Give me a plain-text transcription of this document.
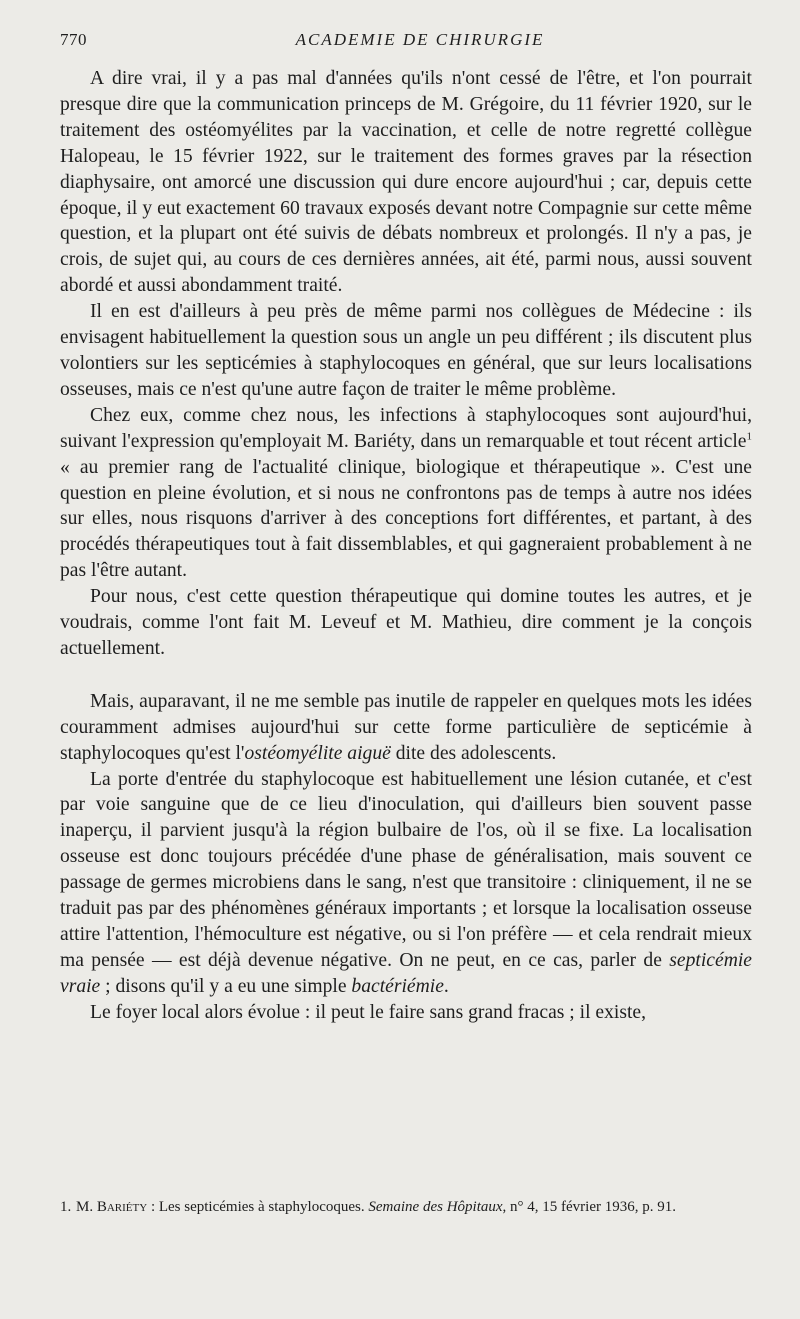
770	ACADEMIE DE CHIRURGIE

A dire vrai, il y a pas mal d'années qu'ils n'ont cessé de l'être, et l'on pourrait presque dire que la communication princeps de M. Grégoire, du 11 février 1920, sur le traitement des ostéomyélites par la vaccination, et celle de notre regretté collègue Halopeau, le 15 février 1922, sur le traitement des formes graves par la résection diaphysaire, ont amorcé une discussion qui dure encore aujourd'hui ; car, depuis cette époque, il y eut exactement 60 travaux exposés devant notre Compagnie sur cette même question, et la plupart ont été suivis de débats nombreux et prolongés. Il n'y a pas, je crois, de sujet qui, au cours de ces dernières années, ait été, parmi nous, aussi souvent abordé et aussi abondamment traité.

Il en est d'ailleurs à peu près de même parmi nos collègues de Médecine : ils envisagent habituellement la question sous un angle un peu différent ; ils discutent plus volontiers sur les septicémies à staphylocoques en général, que sur leurs localisations osseuses, mais ce n'est qu'une autre façon de traiter le même problème.

Chez eux, comme chez nous, les infections à staphylocoques sont aujourd'hui, suivant l'expression qu'employait M. Bariéty, dans un remarquable et tout récent article$^1$ « au premier rang de l'actualité clinique, biologique et thérapeutique ». C'est une question en pleine évolution, et si nous ne confrontons pas de temps à autre nos idées sur elles, nous risquons d'arriver à des conceptions fort différentes, et partant, à des procédés thérapeutiques tout à fait dissemblables, et qui gagneraient probablement à ne pas l'être autant.

Pour nous, c'est cette question thérapeutique qui domine toutes les autres, et je voudrais, comme l'ont fait M. Leveuf et M. Mathieu, dire comment je la conçois actuellement.

Mais, auparavant, il ne me semble pas inutile de rappeler en quelques mots les idées couramment admises aujourd'hui sur cette forme particulière de septicémie à staphylocoques qu'est l'ostéomyélite aiguë dite des adolescents.

La porte d'entrée du staphylocoque est habituellement une lésion cutanée, et c'est par voie sanguine que de ce lieu d'inoculation, qui d'ailleurs bien souvent passe inaperçu, il parvient jusqu'à la région bulbaire de l'os, où il se fixe. La localisation osseuse est donc toujours précédée d'une phase de généralisation, mais souvent ce passage de germes microbiens dans le sang, n'est que transitoire : cliniquement, il ne se traduit pas par des phénomènes généraux importants ; et lorsque la localisation osseuse attire l'attention, l'hémoculture est négative, ou si l'on préfère — et cela rendrait mieux ma pensée — est déjà devenue négative. On ne peut, en ce cas, parler de septicémie vraie ; disons qu'il y a eu une simple bactériémie.

Le foyer local alors évolue : il peut le faire sans grand fracas ; il existe,

1. M. Bariéty : Les septicémies à staphylocoques. Semaine des Hôpitaux, n° 4, 15 février 1936, p. 91.
